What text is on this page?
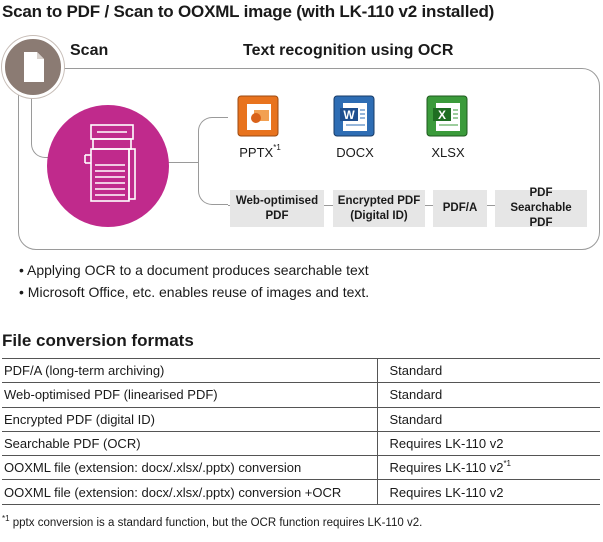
Scan to PDF / Scan to OOXML image (with LK-110 v2 installed)
Scan	Text recognition using OCR
PPTX$^{*1}$
W
DOCX
X
XLSX
Web-optimised
PDF
Encrypted PDF
(Digital ID)
PDF/A
PDF
Searchable PDF
• Applying OCR to a document produces searchable text
• Microsoft Office, etc. enables reuse of images and text.
File conversion formats
PDF/A (long-term archiving)	Standard
Web-optimised PDF (linearised PDF)	Standard
Encrypted PDF (digital ID)	Standard
Searchable PDF (OCR)	Requires LK-110 v2
OOXML file (extension: docx/.xlsx/.pptx) conversion	Requires LK-110 v2$^{*1}$
OOXML file (extension: docx/.xlsx/.pptx) conversion +OCR	Requires LK-110 v2
$^{*1}$ pptx conversion is a standard function, but the OCR function requires LK-110 v2.
